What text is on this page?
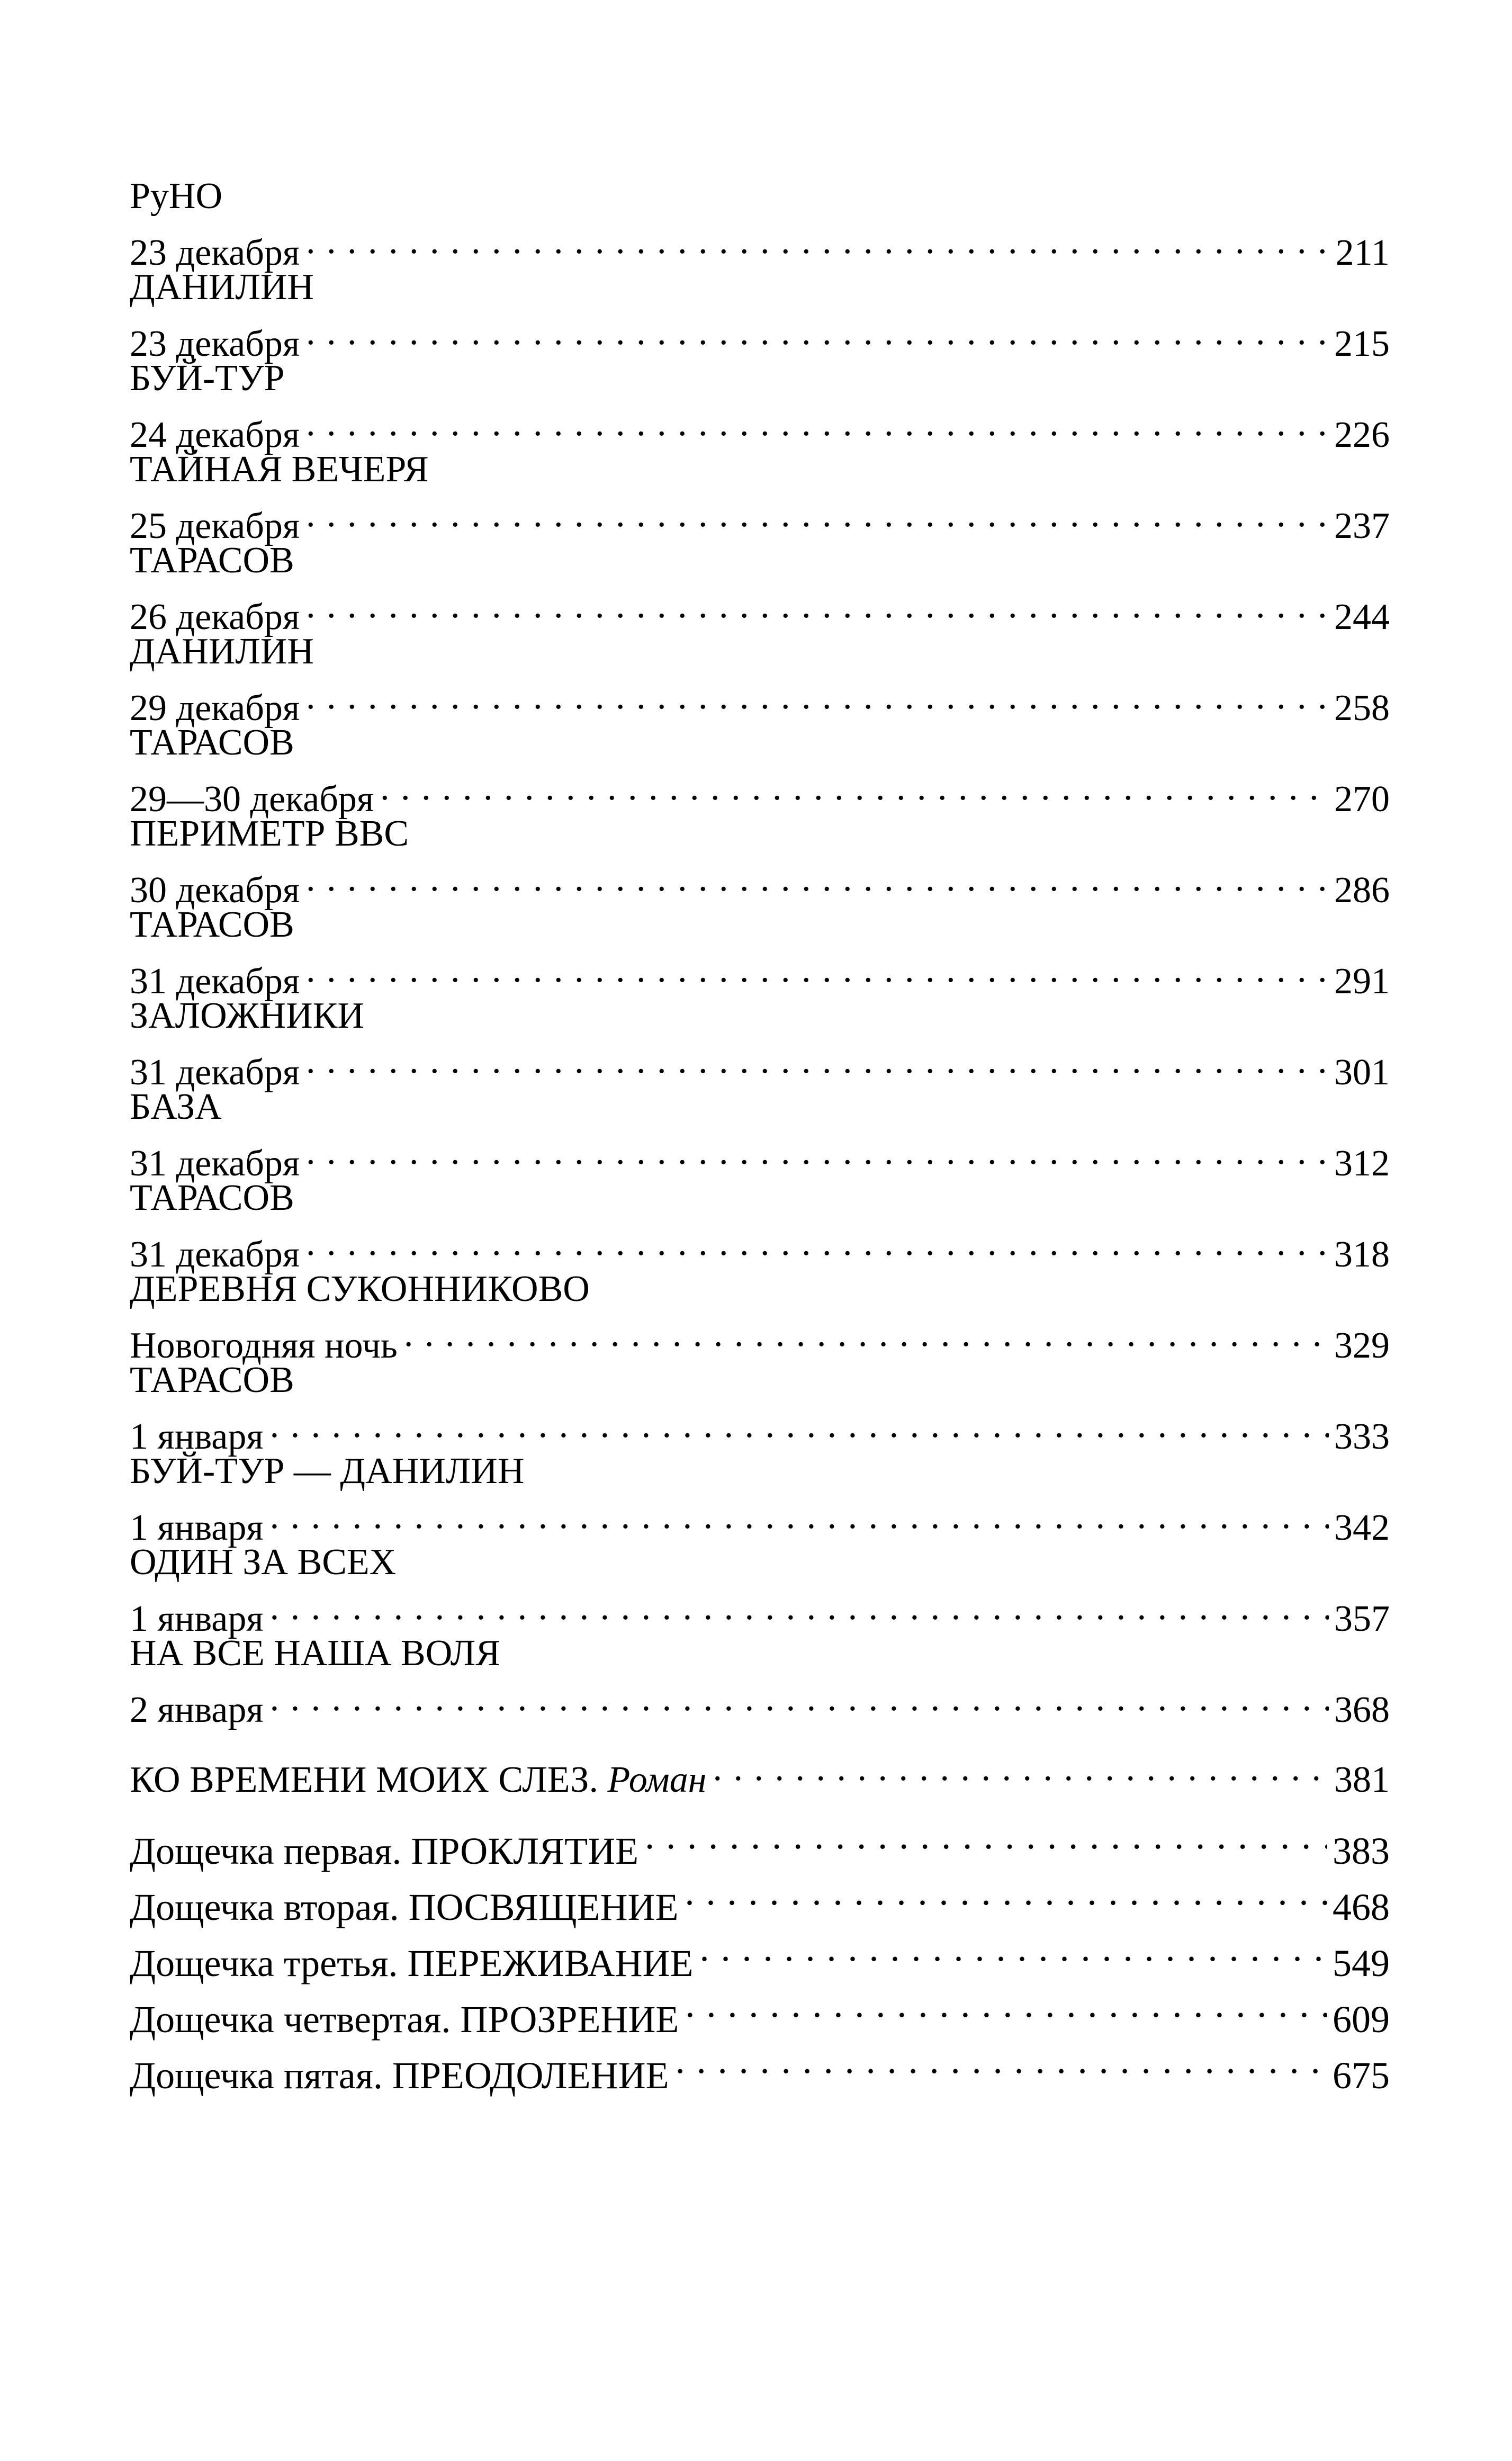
РуНО
23 декабря . . .	211
ДАНИЛИН
23 декабря . . .	215
БУЙ-ТУР
24 декабря . . .	226
ТАЙНАЯ ВЕЧЕРЯ
25 декабря . . .	237
ТАРАСОВ
26 декабря . . .	244
ДАНИЛИН
29 декабря . . .	258
ТАРАСОВ
29—30 декабря . . .	270
ПЕРИМЕТР ВВС
30 декабря . . .	286
ТАРАСОВ
31 декабря . . .	291
ЗАЛОЖНИКИ
31 декабря . . .	301
БАЗА
31 декабря . . .	312
ТАРАСОВ
31 декабря . . .	318
ДЕРЕВНЯ СУКОННИКОВО
Новогодняя ночь . . .	329
ТАРАСОВ
1 января . . .	333
БУЙ-ТУР — ДАНИЛИН
1 января . . .	342
ОДИН ЗА ВСЕХ
1 января . . .	357
НА ВСЕ НАША ВОЛЯ
2 января . . .	368
КО ВРЕМЕНИ МОИХ СЛЕЗ. Роман . . .	381
Дощечка первая. ПРОКЛЯТИЕ . . .	383
Дощечка вторая. ПОСВЯЩЕНИЕ . . .	468
Дощечка третья. ПЕРЕЖИВАНИЕ . . .	549
Дощечка четвертая. ПРОЗРЕНИЕ . . .	609
Дощечка пятая. ПРЕОДОЛЕНИЕ . . .	675
